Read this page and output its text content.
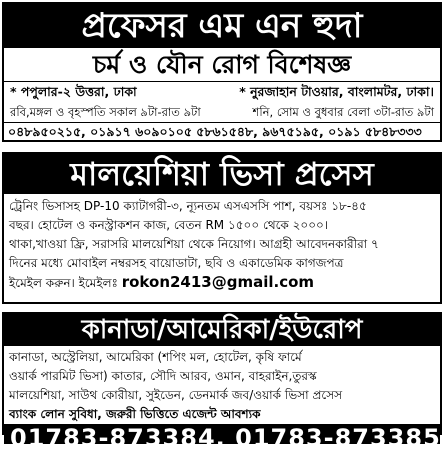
প্রফেসর এম এন হুদা
চর্ম ও যৌন রোগ বিশেষজ্ঞ
* পপুলার-২ উত্তরা, ঢাকা	* নুরজাহান টাওয়ার, বাংলামটর, ঢাকা।
রবি,মঙ্গল ও বৃহস্পতি সকাল ৯টা-রাত ৯টা	শনি, সোম ও বুধবার বেলা ৩টা-রাত ৯টা
০৪৮৯৫০২১৫, ০১৯১৭ ৬০৯০১০৫ ৫৮৬১৫৪৮, ৯৬৭৫১৯৫, ০১৯১ ৫৮৪৮৩৩৩
মালয়েশিয়া ভিসা প্রসেস
ট্রেনিং ভিসাসহ DP-10 ক্যাটাগরী-৩, ন্যূনতম এসএসসি পাশ, বয়সঃ ১৮-৪৫
বছর। হোটেল ও কনস্ট্রাকশন কাজ, বেতন RM ১৫০০ থেকে ২০০০।
থাকা,খাওয়া ফ্রি, সরাসরি মালয়েশিয়া থেকে নিয়োগ। আগ্রহী আবেদনকারীরা ৭
দিনের মধ্যে মোবাইল নম্বরসহ বায়োডাটা, ছবি ও একাডেমিক কাগজপত্র
ইমেইল করুন। ইমেইলঃ rokon2413@gmail.com
কানাডা/আমেরিকা/ইউরোপ
কানাডা, অস্ট্রেলিয়া, আমেরিকা (শপিং মল, হোটেল, কৃষি ফার্মে
ওয়ার্ক পারমিট ভিসা) কাতার, সৌদি আরব, ওমান, বাহরাইন,তুরস্ক
মালয়েশিয়া, সাউথ কোরীয়া, সুইডেন, ডেনমার্ক জব/ওয়ার্ক ভিসা প্রসেস
ব্যাংক লোন সুবিধা, জরুরী ভিত্তিতে এজেন্ট আবশ্যক
01783-873384, 01783-873385
